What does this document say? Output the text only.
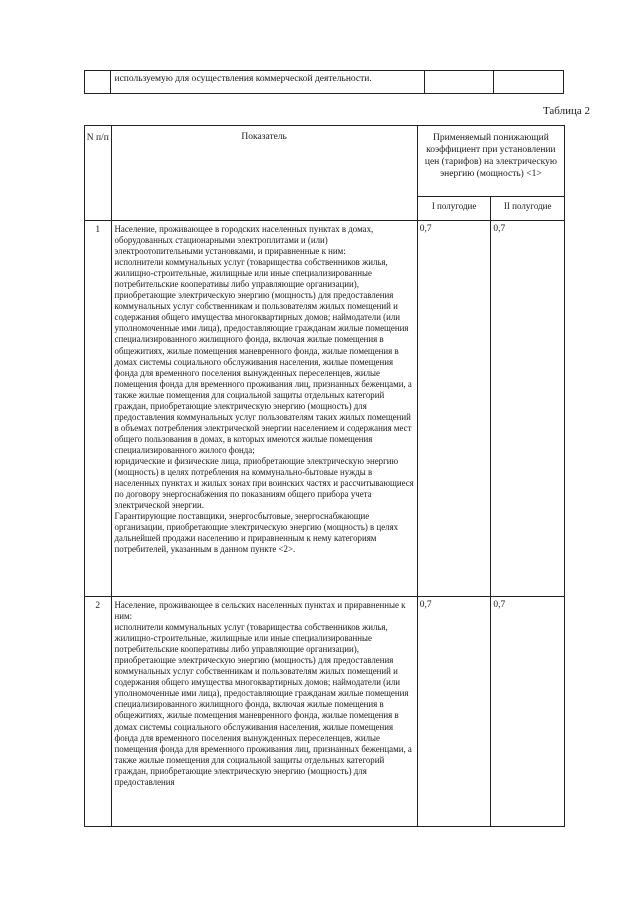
	используемую для осуществления коммерческой деятельности.		
Таблица 2
N п/п	Показатель	Применяемый понижающий коэффициент при установлении цен (тарифов) на электрическую энергию (мощность) <1>	
		I полугодие	II полугодие
1	Население, проживающее в городских населенных пунктах в домах, оборудованных стационарными электроплитами и (или) электроотопительными установками, и приравненные к ним:

исполнители коммунальных услуг (товарищества собственников жилья, жилищно-строительные, жилищные или иные специализированные потребительские кооперативы либо управляющие организации), приобретающие электрическую энергию (мощность) для предоставления коммунальных услуг собственникам и пользователям жилых помещений и содержания общего имущества многоквартирных домов; наймодатели (или уполномоченные ими лица), предоставляющие гражданам жилые помещения специализированного жилищного фонда, включая жилые помещения в общежитиях, жилые помещения маневренного фонда, жилые помещения в домах системы социального обслуживания населения, жилые помещения фонда для временного поселения вынужденных переселенцев, жилые помещения фонда для временного проживания лиц, признанных беженцами, а также жилые помещения для социальной защиты отдельных категорий граждан, приобретающие электрическую энергию (мощность) для предоставления коммунальных услуг пользователям таких жилых помещений в объемах потребления электрической энергии населением и содержания мест общего пользования в домах, в которых имеются жилые помещения специализированного жилого фонда;

юридические и физические лица, приобретающие электрическую энергию (мощность) в целях потребления на коммунально-бытовые нужды в населенных пунктах и жилых зонах при воинских частях и рассчитывающиеся по договору энергоснабжения по показаниям общего прибора учета электрической энергии.

Гарантирующие поставщики, энергосбытовые, энергоснабжающие организации, приобретающие электрическую энергию (мощность) в целях дальнейшей продажи населению и приравненным к нему категориям потребителей, указанным в данном пункте <2>.	0,7	0,7
2	Население, проживающее в сельских населенных пунктах и приравненные к ним:

исполнители коммунальных услуг (товарищества собственников жилья, жилищно-строительные, жилищные или иные специализированные потребительские кооперативы либо управляющие организации), приобретающие электрическую энергию (мощность) для предоставления коммунальных услуг собственникам и пользователям жилых помещений и содержания общего имущества многоквартирных домов; наймодатели (или уполномоченные ими лица), предоставляющие гражданам жилые помещения специализированного жилищного фонда, включая жилые помещения в общежитиях, жилые помещения маневренного фонда, жилые помещения в домах системы социального обслуживания населения, жилые помещения фонда для временного поселения вынужденных переселенцев, жилые помещения фонда для временного проживания лиц, признанных беженцами, а также жилые помещения для социальной защиты отдельных категорий граждан, приобретающие электрическую энергию (мощность) для предоставления	0,7	0,7
